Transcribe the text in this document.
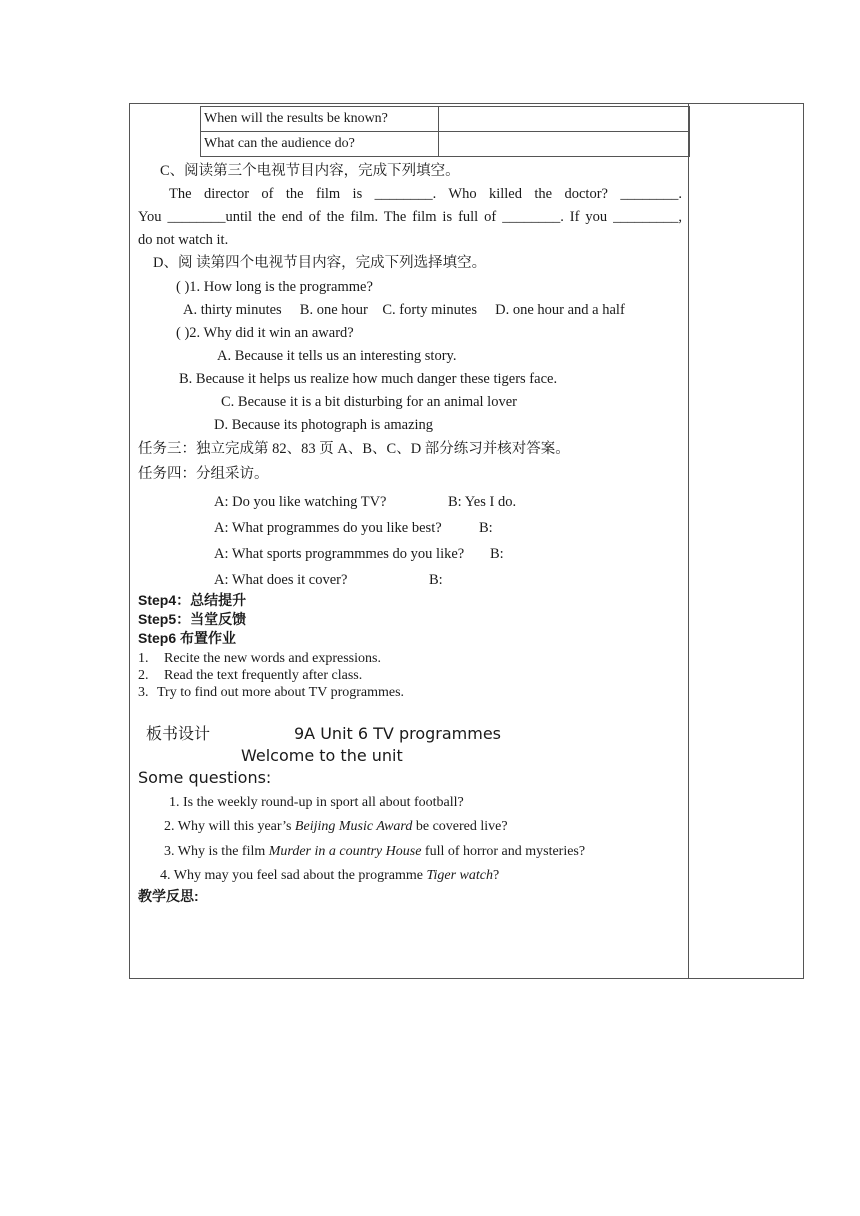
When will the results be known?	
What can the audience do?	
C、阅读第三个电视节目内容，完成下列填空。
The director of the film is ________. Who killed the doctor? ________.
You ________until the end of the film. The film is full of ________. If you _________,
do not watch it.
D、阅 读第四个电视节目内容，完成下列选择填空。
( )1. How long is the programme?
A. thirty minutes     B. one hour    C. forty minutes     D. one hour and a half
( )2. Why did it win an award?
A. Because it tells us an interesting story.
B. Because it helps us realize how much danger these tigers face.
C. Because it is a bit disturbing for an animal lover
D. Because its photograph is amazing
任务三：独立完成第 82、83 页 A、B、C、D 部分练习并核对答案。
任务四：分组采访。
A: Do you like watching TV?	B: Yes I do.
A: What programmes do you like best?	B:
A: What sports programmmes do you like? B:
A: What does it cover?	B:
Step4：总结提升
Step5：当堂反馈
Step6 布置作业
1. Recite the new words and expressions.
2. Read the text frequently after class.
3. Try to find out more about TV programmes.
板书设计	9A Unit 6 TV programmes
Welcome to the unit
Some questions:
1. Is the weekly round-up in sport all about football?
2. Why will this year’s Beijing Music Award be covered live?
3. Why is the film Murder in a country House full of horror and mysteries?
4. Why may you feel sad about the programme Tiger watch?
教学反思:
